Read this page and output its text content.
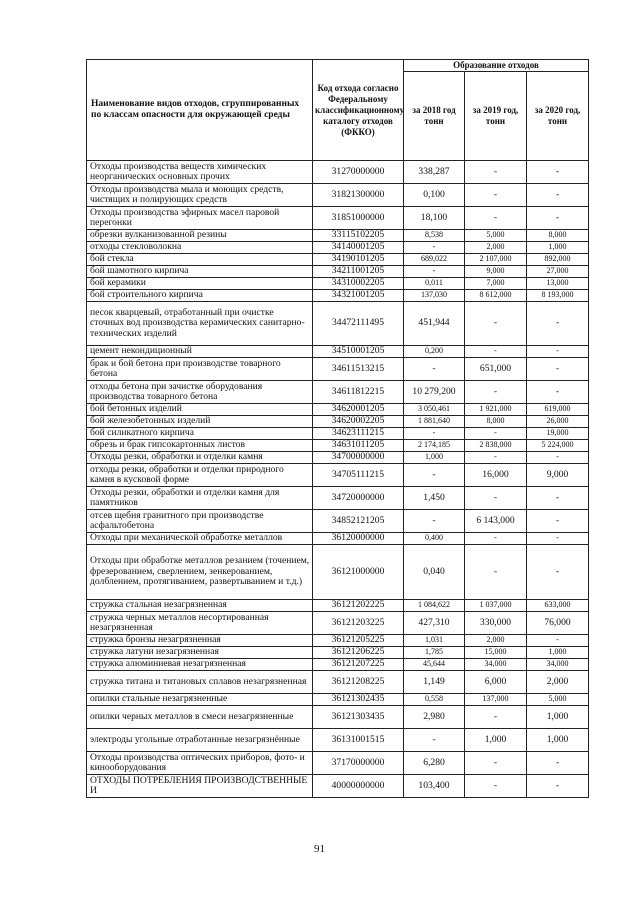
Наименование видов отходов, сгруппированных по классам опасности для окружающей среды	Код отхода согласно Федеральному классификационному каталогу отходов (ФККО)	Образование отходов		
		за 2018 год тонн	за 2019 год, тонн	за 2020 год, тонн
Отходы производства веществ химических неорганических основных прочих	31270000000	338,287	-	-
Отходы производства мыла и моющих средств, чистящих и полирующих средств	31821300000	0,100	-	-
Отходы производства эфирных масел паровой перегонки	31851000000	18,100	-	-
обрезки вулканизованной резины	33115102205	8,538	5,000	8,000
отходы стекловолокна	34140001205	-	2,000	1,000
бой стекла	34190101205	689,022	2 107,000	892,000
бой шамотного кирпича	34211001205	-	9,000	27,000
бой керамики	34310002205	0,011	7,000	13,000
бой строительного кирпича	34321001205	137,030	8 612,000	8 193,000
песок кварцевый, отработанный при очистке сточных вод производства керамических санитарно-технических изделий	34472111495	451,944	-	-
цемент некондиционный	34510001205	0,200	-	-
брак и бой бетона при производстве товарного бетона	34611513215	-	651,000	-
отходы бетона при зачистке оборудования производства товарного бетона	34611812215	10 279,200	-	-
бой бетонных изделий	34620001205	3 050,461	1 921,000	619,000
бой железобетонных изделий	34620002205	1 881,640	8,000	26,000
бой силикатного кирпича	34623111215	-	-	19,000
обрезь и брак гипсокартонных листов	34631011205	2 174,185	2 838,000	5 224,000
Отходы резки, обработки и отделки камня	34700000000	1,000	-	-
отходы резки, обработки и отделки природного камня в кусковой форме	34705111215	-	16,000	9,000
Отходы резки, обработки и отделки камня для памятников	34720000000	1,450	-	-
отсев щебня гранитного при производстве асфальтобетона	34852121205	-	6 143,000	-
Отходы при механической обработке металлов	36120000000	0,400	-	-
Отходы при обработке металлов резанием (точением, фрезерованием, сверлением, зенкерованием, долблением, протягиванием, развертыванием и т.д.)	36121000000	0,040	-	-
стружка стальная незагрязненная	36121202225	1 084,622	1 037,000	633,000
стружка черных металлов несортированная незагрязненная	36121203225	427,310	330,000	76,000
стружка бронзы незагрязненная	36121205225	1,031	2,000	-
стружка латуни незагрязненная	36121206225	1,785	15,000	1,000
стружка алюминиевая незагрязненная	36121207225	45,644	34,000	34,000
стружка титана и титановых сплавов незагрязненная	36121208225	1,149	6,000	2,000
опилки стальные незагрязненные	36121302435	0,558	137,000	5,000
опилки черных металлов в смеси незагрязненные	36121303435	2,980	-	1,000
электроды угольные отработанные незагрязнённые	36131001515	-	1,000	1,000
Отходы производства оптических приборов, фото- и кинооборудования	37170000000	6,280	-	-
ОТХОДЫ ПОТРЕБЛЕНИЯ ПРОИЗВОДСТВЕННЫЕ И	40000000000	103,400	-	-
91
